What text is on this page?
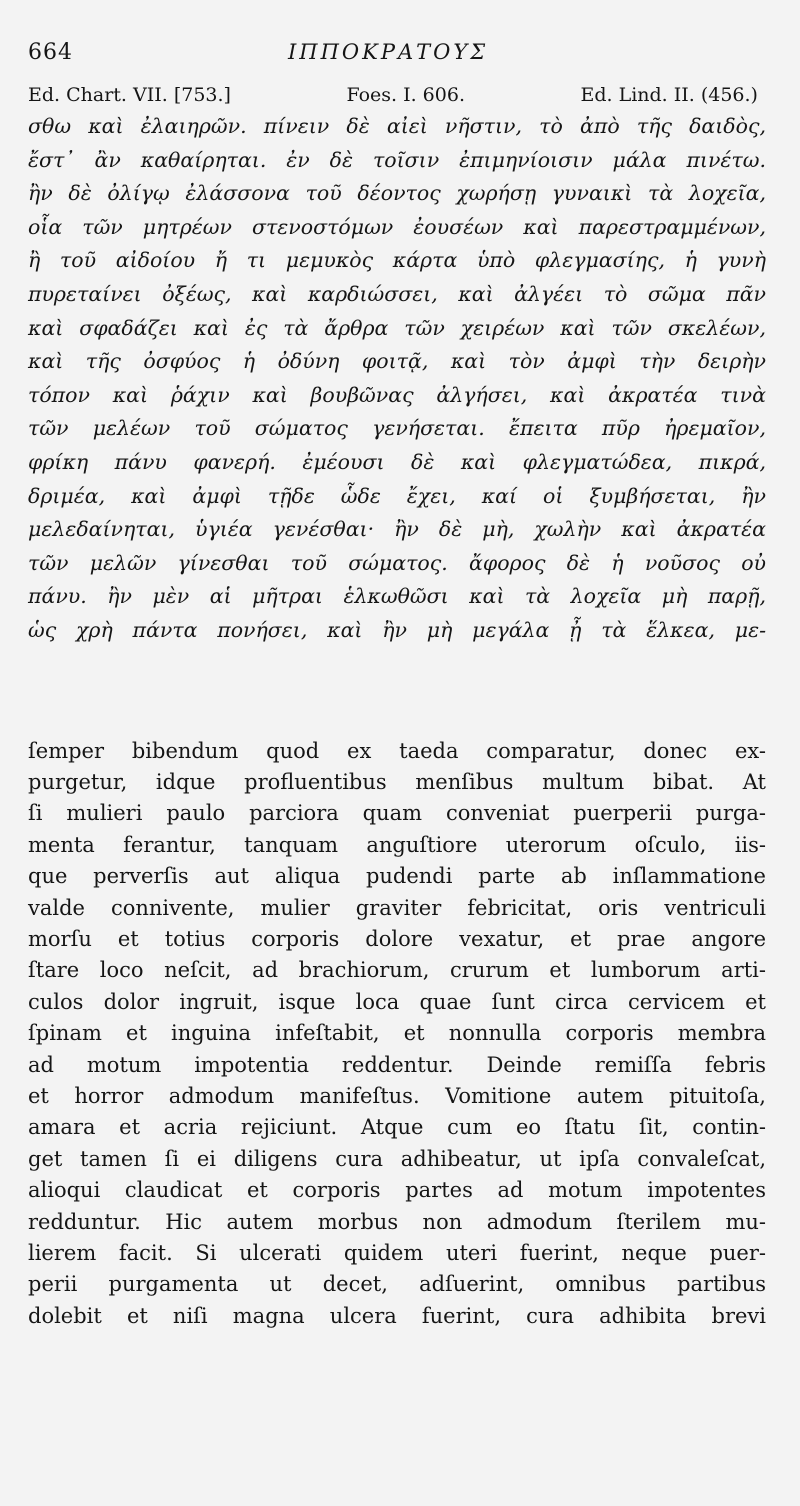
664	ΙΠΠΟΚΡΑΤΟΥΣ
Ed. Chart. VII. [753.]	Foes. I. 606.	Ed. Lind. II. (456.)
σθω καὶ ἐλαιηρῶν. πίνειν δὲ αἰεὶ νῆστιν, τὸ ἀπὸ τῆς δαιδὸς,
ἔστ᾽ ἂν καθαίρηται. ἐν δὲ τοῖσιν ἐπιμηνίοισιν μάλα πινέτω.
ἢν δὲ ὀλίγῳ ἐλάσσονα τοῦ δέοντος χωρήσῃ γυναικὶ τὰ λοχεῖα,
οἷα τῶν μητρέων στενοστόμων ἐουσέων καὶ παρεστραμμένων,
ἢ τοῦ αἰδοίου ἤ τι μεμυκὸς κάρτα ὑπὸ φλεγμασίης, ἡ γυνὴ
πυρεταίνει ὀξέως, καὶ καρδιώσσει, καὶ ἀλγέει τὸ σῶμα πᾶν
καὶ σφαδάζει καὶ ἐς τὰ ἄρθρα τῶν χειρέων καὶ τῶν σκελέων,
καὶ τῆς ὀσφύος ἡ ὀδύνη φοιτᾷ, καὶ τὸν ἀμφὶ τὴν δειρὴν
τόπον καὶ ῥάχιν καὶ βουβῶνας ἀλγήσει, καὶ ἀκρατέα τινὰ
τῶν μελέων τοῦ σώματος γενήσεται. ἔπειτα πῦρ ἠρεμαῖον,
φρίκη πάνυ φανερή. ἐμέουσι δὲ καὶ φλεγματώδεα, πικρά,
δριμέα, καὶ ἀμφὶ τῇδε ὧδε ἔχει, καί οἱ ξυμβήσεται, ἢν
μελεδαίνηται, ὑγιέα γενέσθαι· ἢν δὲ μὴ, χωλὴν καὶ ἀκρατέα
τῶν μελῶν γίνεσθαι τοῦ σώματος. ἄφορος δὲ ἡ νοῦσος οὐ
πάνυ. ἢν μὲν αἱ μῆτραι ἑλκωθῶσι καὶ τὰ λοχεῖα μὴ παρῇ,
ὡς χρὴ πάντα πονήσει, καὶ ἢν μὴ μεγάλα ᾖ τὰ ἕλκεα, με-
ſemper bibendum quod ex taeda comparatur, donec ex-
purgetur, idque profluentibus menſibus multum bibat. At
ſi mulieri paulo parciora quam conveniat puerperii purga-
menta ferantur, tanquam anguſtiore uterorum oſculo, iis-
que perverſis aut aliqua pudendi parte ab inſlammatione
valde connivente, mulier graviter febricitat, oris ventriculi
morſu et totius corporis dolore vexatur, et prae angore
ſtare loco neſcit, ad brachiorum, crurum et lumborum arti-
culos dolor ingruit, isque loca quae ſunt circa cervicem et
ſpinam et inguina infeſtabit, et nonnulla corporis membra
ad motum impotentia reddentur. Deinde remiſſa febris
et horror admodum manifeſtus. Vomitione autem pituitoſa,
amara et acria rejiciunt. Atque cum eo ſtatu ſit, contin-
get tamen ſi ei diligens cura adhibeatur, ut ipſa convaleſcat,
alioqui claudicat et corporis partes ad motum impotentes
redduntur. Hic autem morbus non admodum ſterilem mu-
lierem facit. Si ulcerati quidem uteri fuerint, neque puer-
perii purgamenta ut decet, adſuerint, omnibus partibus
dolebit et niſi magna ulcera fuerint, cura adhibita brevi
